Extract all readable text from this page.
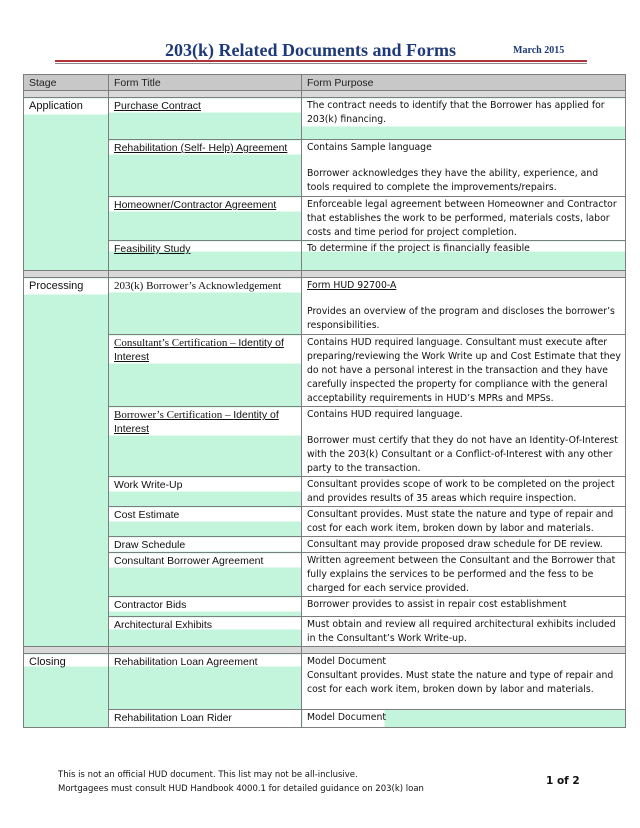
203(k) Related Documents and Forms	March 2015
Stage	Form Title	Form Purpose

Application	Purchase Contract	The contract needs to identify that the Borrower has applied for 203(k) financing.

	Rehabilitation (Self- Help) Agreement	Contains Sample language

Borrower acknowledges they have the ability, experience, and tools required to complete the improvements/repairs.

	Homeowner/Contractor Agreement	Enforceable legal agreement between Homeowner and Contractor that establishes the work to be performed, materials costs, labor costs and time period for project completion.

	Feasibility Study	To determine if the project is financially feasible

Processing	203(k) Borrower’s Acknowledgement	Form HUD 92700-A

Provides an overview of the program and discloses the borrower’s responsibilities.

	Consultant’s Certification – Identity of Interest	Contains HUD required language. Consultant must execute after preparing/reviewing the Work Write up and Cost Estimate that they do not have a personal interest in the transaction and they have carefully inspected the property for compliance with the general acceptability requirements in HUD’s MPRs and MPSs.

	Borrower’s Certification – Identity of Interest	Contains HUD required language.

Borrower must certify that they do not have an Identity-Of-Interest with the 203(k) Consultant or a Conflict-of-Interest with any other party to the transaction.

	Work Write-Up	Consultant provides scope of work to be completed on the project and provides results of 35 areas which require inspection.

	Cost Estimate	Consultant provides. Must state the nature and type of repair and cost for each work item, broken down by labor and materials.

	Draw Schedule	Consultant may provide proposed draw schedule for DE review.

	Consultant Borrower Agreement	Written agreement between the Consultant and the Borrower that fully explains the services to be performed and the fess to be charged for each service provided.

	Contractor Bids	Borrower provides to assist in repair cost establishment

	Architectural Exhibits	Must obtain and review all required architectural exhibits included in the Consultant’s Work Write-up.

Closing	Rehabilitation Loan Agreement	Model Document

Consultant provides. Must state the nature and type of repair and cost for each work item, broken down by labor and materials.

	Rehabilitation Loan Rider	Model Document

This is not an official HUD document. This list may not be all-inclusive.
Mortgagees must consult HUD Handbook 4000.1 for detailed guidance on 203(k) loan
1 of 2
